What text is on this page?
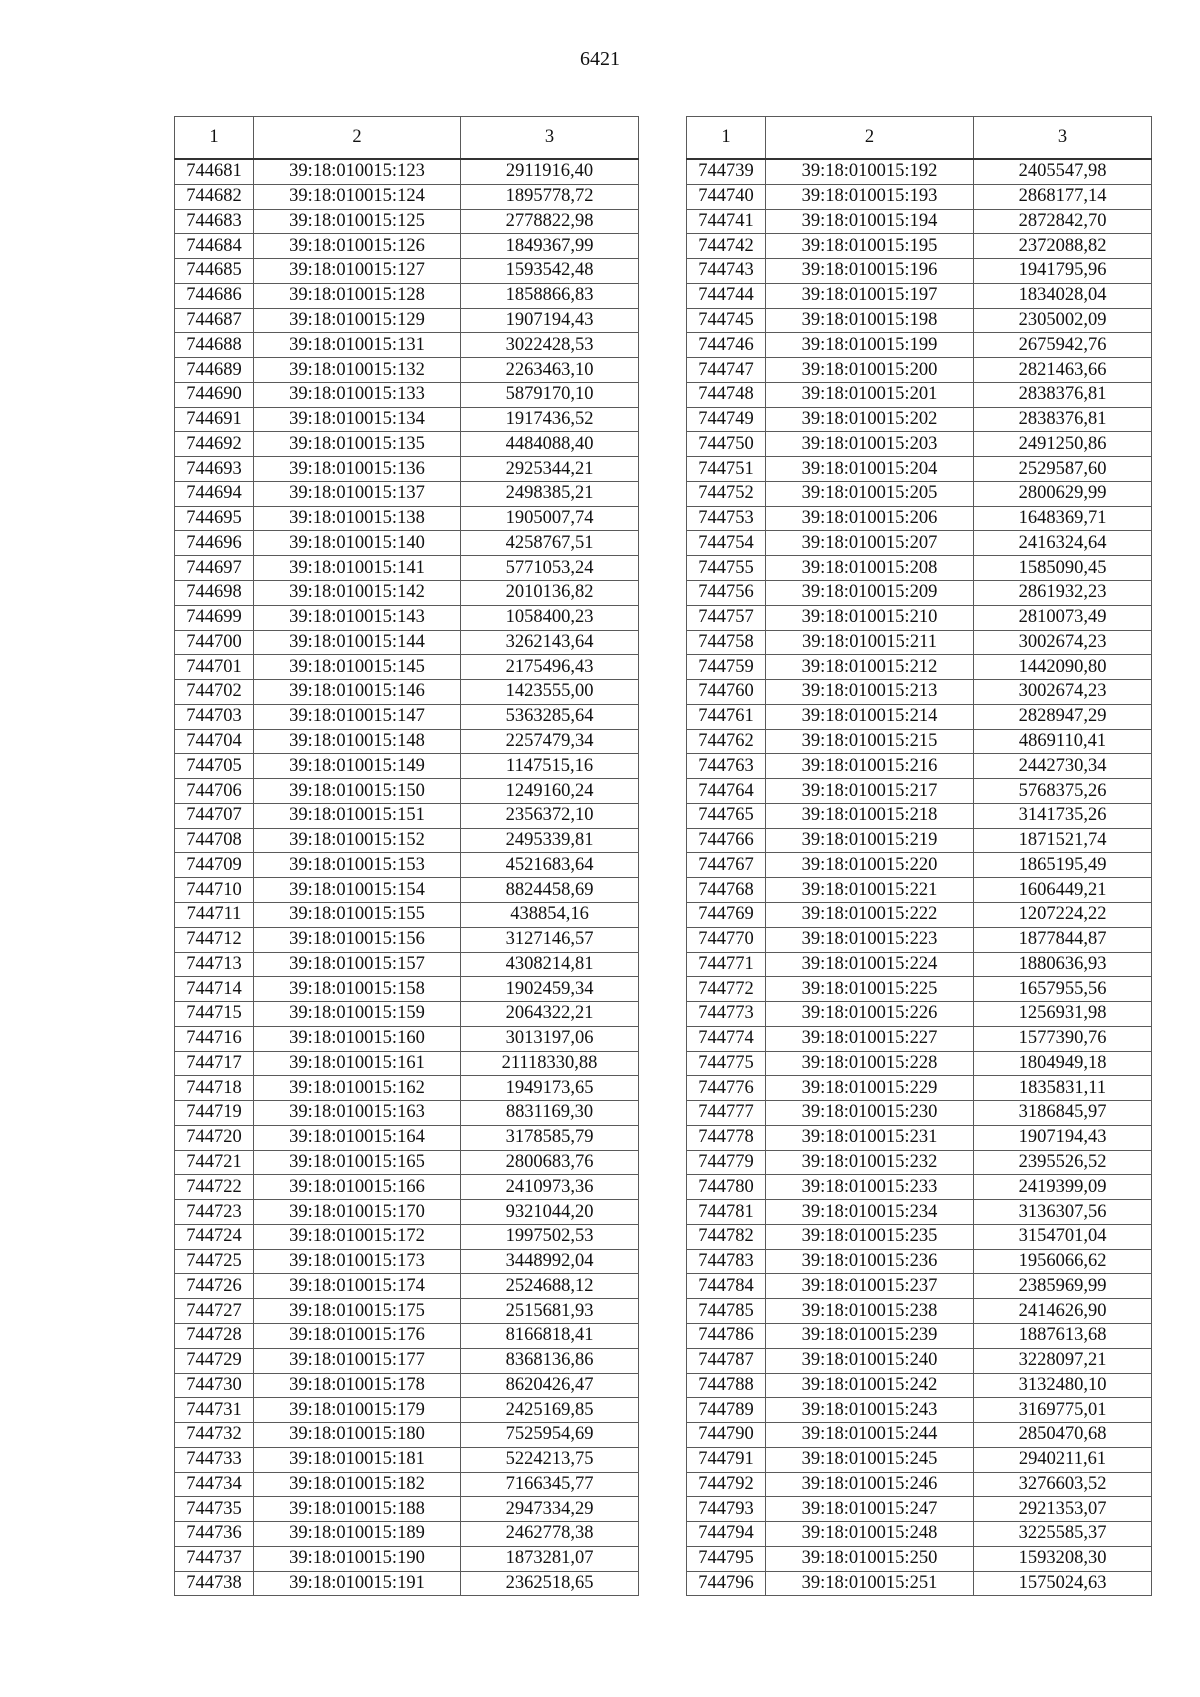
6421
1	2	3
744681	39:18:010015:123	2911916,40
744682	39:18:010015:124	1895778,72
744683	39:18:010015:125	2778822,98
744684	39:18:010015:126	1849367,99
744685	39:18:010015:127	1593542,48
744686	39:18:010015:128	1858866,83
744687	39:18:010015:129	1907194,43
744688	39:18:010015:131	3022428,53
744689	39:18:010015:132	2263463,10
744690	39:18:010015:133	5879170,10
744691	39:18:010015:134	1917436,52
744692	39:18:010015:135	4484088,40
744693	39:18:010015:136	2925344,21
744694	39:18:010015:137	2498385,21
744695	39:18:010015:138	1905007,74
744696	39:18:010015:140	4258767,51
744697	39:18:010015:141	5771053,24
744698	39:18:010015:142	2010136,82
744699	39:18:010015:143	1058400,23
744700	39:18:010015:144	3262143,64
744701	39:18:010015:145	2175496,43
744702	39:18:010015:146	1423555,00
744703	39:18:010015:147	5363285,64
744704	39:18:010015:148	2257479,34
744705	39:18:010015:149	1147515,16
744706	39:18:010015:150	1249160,24
744707	39:18:010015:151	2356372,10
744708	39:18:010015:152	2495339,81
744709	39:18:010015:153	4521683,64
744710	39:18:010015:154	8824458,69
744711	39:18:010015:155	438854,16
744712	39:18:010015:156	3127146,57
744713	39:18:010015:157	4308214,81
744714	39:18:010015:158	1902459,34
744715	39:18:010015:159	2064322,21
744716	39:18:010015:160	3013197,06
744717	39:18:010015:161	21118330,88
744718	39:18:010015:162	1949173,65
744719	39:18:010015:163	8831169,30
744720	39:18:010015:164	3178585,79
744721	39:18:010015:165	2800683,76
744722	39:18:010015:166	2410973,36
744723	39:18:010015:170	9321044,20
744724	39:18:010015:172	1997502,53
744725	39:18:010015:173	3448992,04
744726	39:18:010015:174	2524688,12
744727	39:18:010015:175	2515681,93
744728	39:18:010015:176	8166818,41
744729	39:18:010015:177	8368136,86
744730	39:18:010015:178	8620426,47
744731	39:18:010015:179	2425169,85
744732	39:18:010015:180	7525954,69
744733	39:18:010015:181	5224213,75
744734	39:18:010015:182	7166345,77
744735	39:18:010015:188	2947334,29
744736	39:18:010015:189	2462778,38
744737	39:18:010015:190	1873281,07
744738	39:18:010015:191	2362518,65
1	2	3
744739	39:18:010015:192	2405547,98
744740	39:18:010015:193	2868177,14
744741	39:18:010015:194	2872842,70
744742	39:18:010015:195	2372088,82
744743	39:18:010015:196	1941795,96
744744	39:18:010015:197	1834028,04
744745	39:18:010015:198	2305002,09
744746	39:18:010015:199	2675942,76
744747	39:18:010015:200	2821463,66
744748	39:18:010015:201	2838376,81
744749	39:18:010015:202	2838376,81
744750	39:18:010015:203	2491250,86
744751	39:18:010015:204	2529587,60
744752	39:18:010015:205	2800629,99
744753	39:18:010015:206	1648369,71
744754	39:18:010015:207	2416324,64
744755	39:18:010015:208	1585090,45
744756	39:18:010015:209	2861932,23
744757	39:18:010015:210	2810073,49
744758	39:18:010015:211	3002674,23
744759	39:18:010015:212	1442090,80
744760	39:18:010015:213	3002674,23
744761	39:18:010015:214	2828947,29
744762	39:18:010015:215	4869110,41
744763	39:18:010015:216	2442730,34
744764	39:18:010015:217	5768375,26
744765	39:18:010015:218	3141735,26
744766	39:18:010015:219	1871521,74
744767	39:18:010015:220	1865195,49
744768	39:18:010015:221	1606449,21
744769	39:18:010015:222	1207224,22
744770	39:18:010015:223	1877844,87
744771	39:18:010015:224	1880636,93
744772	39:18:010015:225	1657955,56
744773	39:18:010015:226	1256931,98
744774	39:18:010015:227	1577390,76
744775	39:18:010015:228	1804949,18
744776	39:18:010015:229	1835831,11
744777	39:18:010015:230	3186845,97
744778	39:18:010015:231	1907194,43
744779	39:18:010015:232	2395526,52
744780	39:18:010015:233	2419399,09
744781	39:18:010015:234	3136307,56
744782	39:18:010015:235	3154701,04
744783	39:18:010015:236	1956066,62
744784	39:18:010015:237	2385969,99
744785	39:18:010015:238	2414626,90
744786	39:18:010015:239	1887613,68
744787	39:18:010015:240	3228097,21
744788	39:18:010015:242	3132480,10
744789	39:18:010015:243	3169775,01
744790	39:18:010015:244	2850470,68
744791	39:18:010015:245	2940211,61
744792	39:18:010015:246	3276603,52
744793	39:18:010015:247	2921353,07
744794	39:18:010015:248	3225585,37
744795	39:18:010015:250	1593208,30
744796	39:18:010015:251	1575024,63
